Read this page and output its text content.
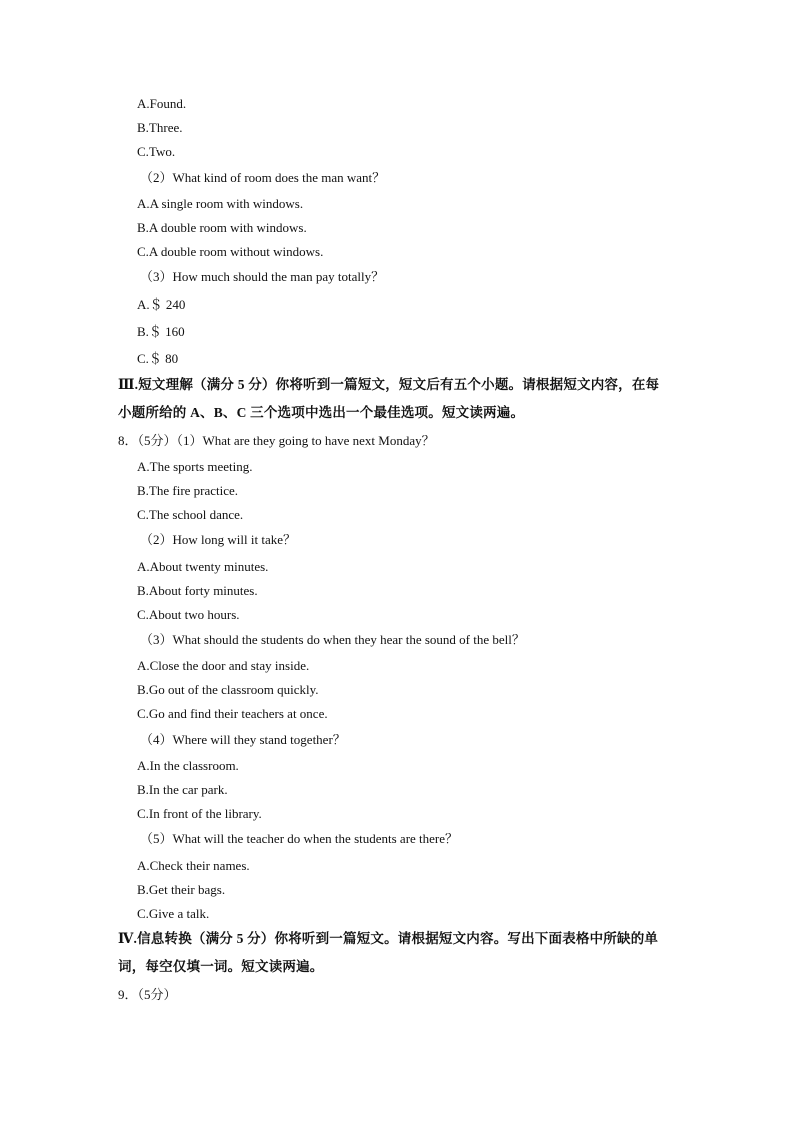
A.Found.

B.Three.

C.Two.

（2）What kind of room does the man want？

A.A single room with windows.

B.A double room with windows.

C.A double room without windows.

（3）How much should the man pay totally？

A.＄ 240

B.＄ 160

C.＄ 80

Ⅲ.短文理解（满分 5 分）你将听到一篇短文，短文后有五个小题。请根据短文内容，在每

小题所给的 A、B、C 三个选项中选出一个最佳选项。短文读两遍。

8．（5分）（1）What are they going to have next Monday？

A.The sports meeting.

B.The fire practice.

C.The school dance.

（2）How long will it take？

A.About twenty minutes.

B.About forty minutes.

C.About two hours.

（3）What should the students do when they hear the sound of the bell？

A.Close the door and stay inside.

B.Go out of the classroom quickly.

C.Go and find their teachers at once.

（4）Where will they stand together？

A.In the classroom.

B.In the car park.

C.In front of the library.

（5）What will the teacher do when the students are there？

A.Check their names.

B.Get their bags.

C.Give a talk.

Ⅳ.信息转换（满分 5 分）你将听到一篇短文。请根据短文内容。写出下面表格中所缺的单

词，每空仅填一词。短文读两遍。

9．（5分）
